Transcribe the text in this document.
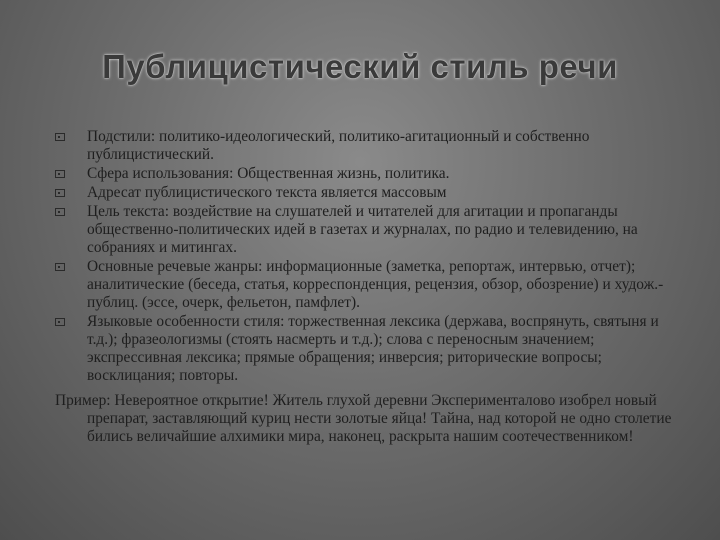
Публицистический стиль речи
Подстили: политико-идеологический, политико-агитационный и собственно публицистический.
Сфера использования: Общественная жизнь, политика.
Адресат публицистического текста является массовым
Цель текста: воздействие на слушателей и читателей для агитации и пропаганды общественно-политических идей в газетах и журналах, по радио и телевидению, на собраниях и митингах.
Основные речевые жанры: информационные (заметка, репортаж, интервью, отчет); аналитические (беседа, статья, корреспонденция, рецензия, обзор, обозрение) и худож.-публиц. (эссе, очерк, фельетон, памфлет).
Языковые особенности стиля: торжественная лексика (держава, воспрянуть, святыня и т.д.); фразеологизмы (стоять насмерть и т.д.); слова с переносным значением; экспрессивная лексика; прямые обращения; инверсия; риторические вопросы; восклицания; повторы.
Пример: Невероятное открытие! Житель глухой деревни Эксперименталово изобрел новый препарат, заставляющий куриц нести золотые яйца! Тайна, над которой не одно столетие бились величайшие алхимики мира, наконец, раскрыта нашим соотечественником!
